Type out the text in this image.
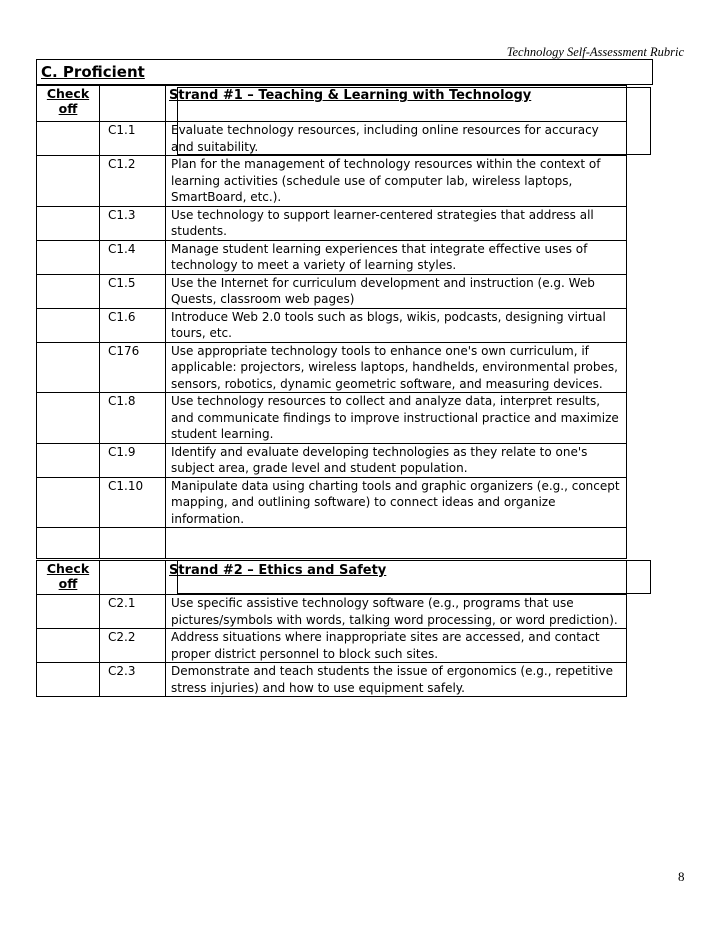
Technology Self-Assessment Rubric
C. Proficient
Check
off		Strand #1 – Teaching & Learning with Technology
	C1.1	Evaluate technology resources, including online resources for accuracy and suitability.
	C1.2	Plan for the management of technology resources within the context of learning activities (schedule use of computer lab, wireless laptops, SmartBoard, etc.).
	C1.3	Use technology to support learner-centered strategies that address all students.
	C1.4	Manage student learning experiences that integrate effective uses of technology to meet a variety of learning styles.
	C1.5	Use the Internet for curriculum development and instruction (e.g. Web Quests, classroom web pages)
	C1.6	Introduce Web 2.0 tools such as blogs, wikis, podcasts, designing virtual tours, etc.
	C176	Use appropriate technology tools to enhance one's own curriculum, if applicable: projectors, wireless laptops, handhelds, environmental probes, sensors, robotics, dynamic geometric software, and measuring devices.
	C1.8	Use technology resources to collect and analyze data, interpret results, and communicate findings to improve instructional practice and maximize student learning.
	C1.9	Identify and evaluate developing technologies as they relate to one's subject area, grade level and student population.
	C1.10	Manipulate data using charting tools and graphic organizers (e.g., concept mapping, and outlining software) to connect ideas and organize information.

Check
off		Strand #2 – Ethics and Safety
	C2.1	Use specific assistive technology software (e.g., programs that use pictures/symbols with words, talking word processing, or word prediction).
	C2.2	Address situations where inappropriate sites are accessed, and contact proper district personnel to block such sites.
	C2.3	Demonstrate and teach students the issue of ergonomics (e.g., repetitive stress injuries) and how to use equipment safely.
8
